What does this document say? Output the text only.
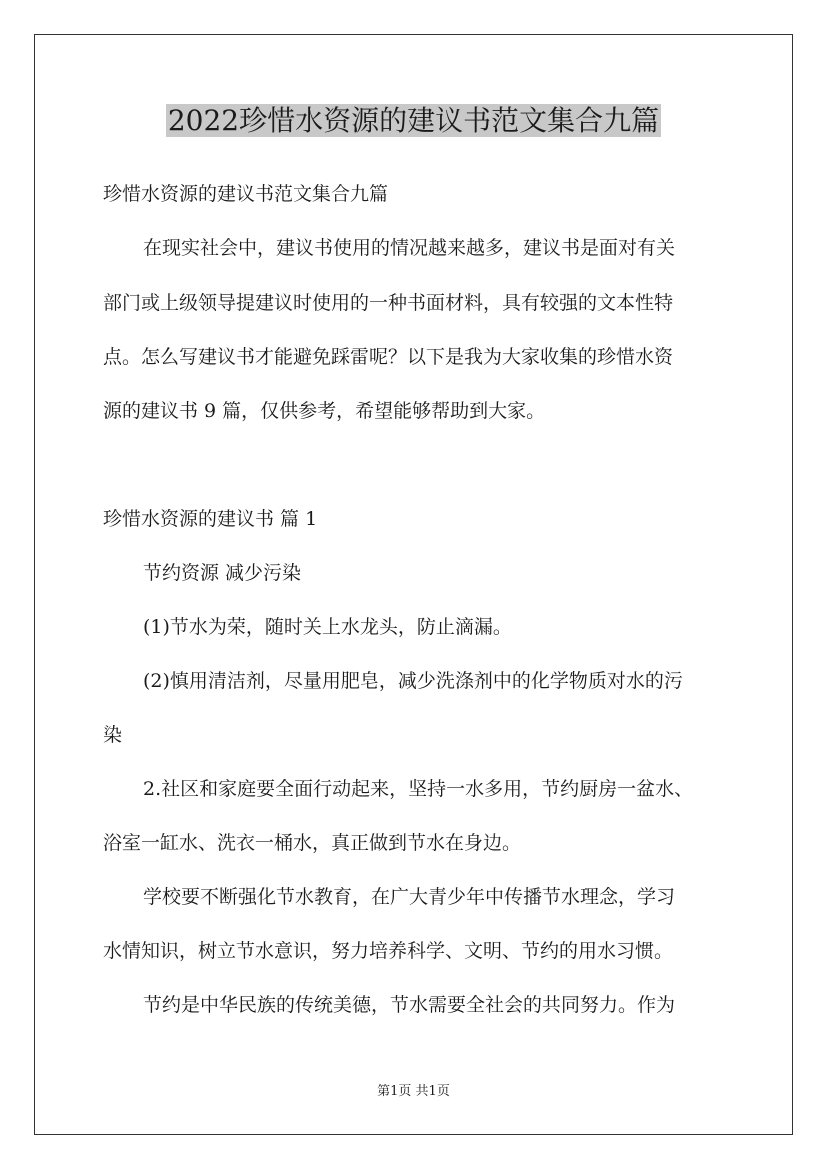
2022珍惜水资源的建议书范文集合九篇

珍惜水资源的建议书范文集合九篇

在现实社会中，建议书使用的情况越来越多，建议书是面对有关

部门或上级领导提建议时使用的一种书面材料，具有较强的文本性特

点。怎么写建议书才能避免踩雷呢？以下是我为大家收集的珍惜水资

源的建议书 9 篇，仅供参考，希望能够帮助到大家。

珍惜水资源的建议书 篇 1

节约资源 减少污染

(1)节水为荣，随时关上水龙头，防止滴漏。

(2)慎用清洁剂，尽量用肥皂，减少洗涤剂中的化学物质对水的污

染

2.社区和家庭要全面行动起来，坚持一水多用，节约厨房一盆水、

浴室一缸水、洗衣一桶水，真正做到节水在身边。

学校要不断强化节水教育，在广大青少年中传播节水理念，学习

水情知识，树立节水意识，努力培养科学、文明、节约的用水习惯。

节约是中华民族的传统美德，节水需要全社会的共同努力。作为

第1页 共1页
